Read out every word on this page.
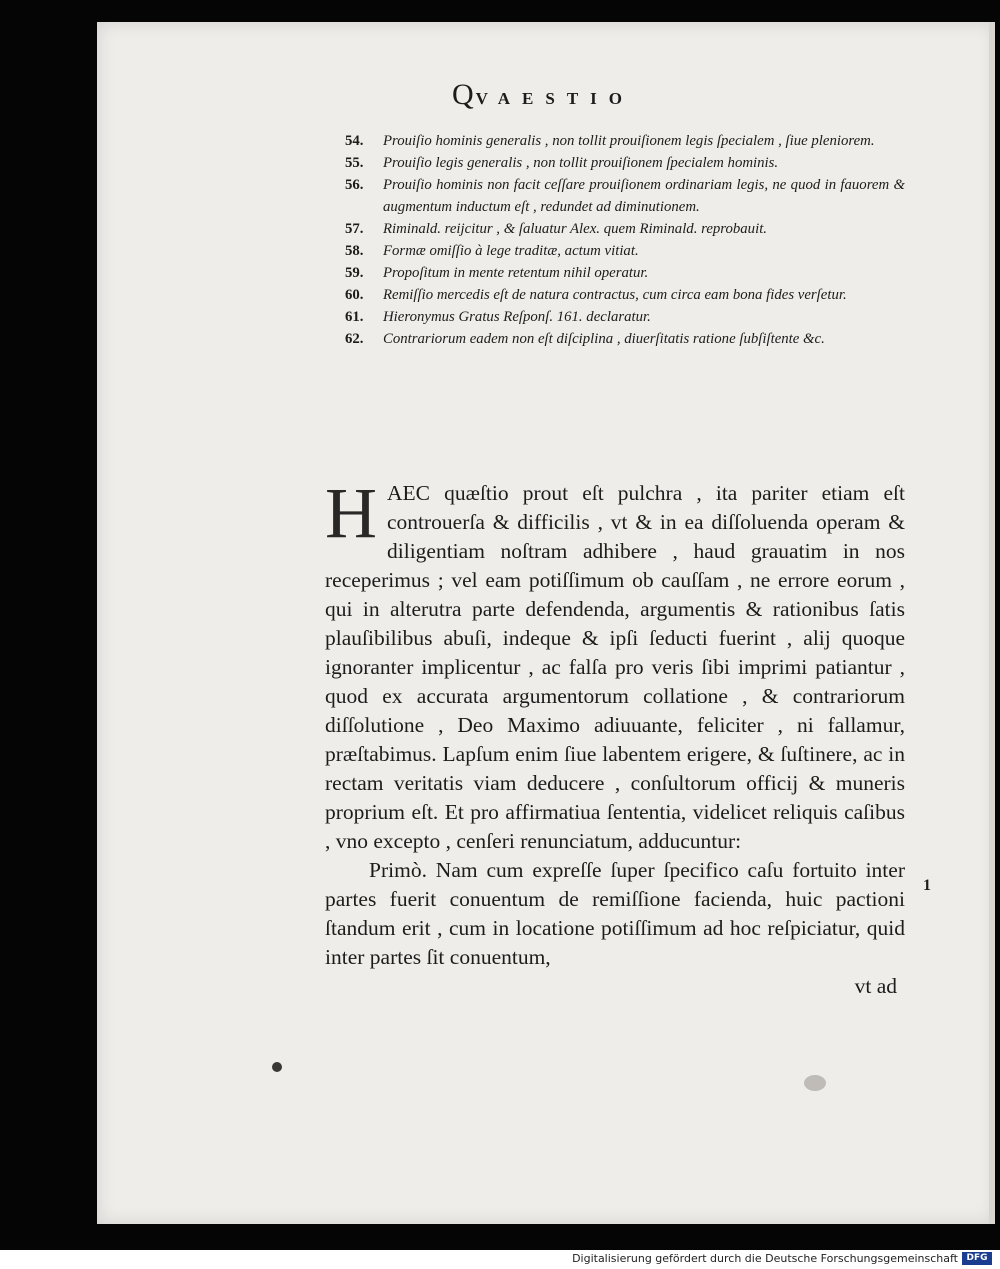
QVAESTIO
54.	Prouiſio hominis generalis , non tollit prouiſionem legis ſpecialem , ſiue pleniorem.
55.	Prouiſio legis generalis , non tollit prouiſionem ſpecialem hominis.
56.	Prouiſio hominis non facit ceſſare prouiſionem ordinariam legis, ne quod in fauorem & augmentum inductum eſt , redundet ad diminutionem.
57.	Riminald. reijcitur , & ſaluatur Alex. quem Riminald. reprobauit.
58.	Formæ omiſſio à lege traditæ, actum vitiat.
59.	Propoſitum in mente retentum nihil operatur.
60.	Remiſſio mercedis eſt de natura contractus, cum circa eam bona fides verſetur.
61.	Hieronymus Gratus Reſponſ. 161. declaratur.
62.	Contrariorum eadem non eſt diſciplina , diuerſitatis ratione ſubſiſtente &c.

HAEC quæſtio prout eſt pulchra , ita pariter etiam eſt controuerſa & difficilis , vt & in ea diſſoluenda operam & diligentiam noſtram adhibere , haud grauatim in nos receperimus ; vel eam potiſſimum ob cauſſam , ne errore eorum , qui in alterutra parte defendenda, argumentis & rationibus ſatis plauſibilibus abuſi, indeque & ipſi ſeducti fuerint , alij quoque ignoranter implicentur , ac falſa pro veris ſibi imprimi patiantur , quod ex accurata argumentorum collatione , & contrariorum diſſolutione , Deo Maximo adiuuante, feliciter , ni fallamur, præſtabimus. Lapſum enim ſiue labentem erigere, & ſuſtinere, ac in rectam veritatis viam deducere , conſultorum officij & muneris proprium eſt. Et pro affirmatiua ſententia, videlicet reliquis caſibus , vno excepto , cenſeri renunciatum, adducuntur:

Primò. Nam cum expreſſe ſuper ſpecifico caſu fortuito inter partes fuerit conuentum de remiſſione facienda, huic pactioni ſtandum erit , cum in locatione potiſſimum ad hoc reſpiciatur, quid inter partes ſit conuentum,

vt ad

1
Digitalisierung gefördert durch die Deutsche Forschungsgemeinschaft DFG
